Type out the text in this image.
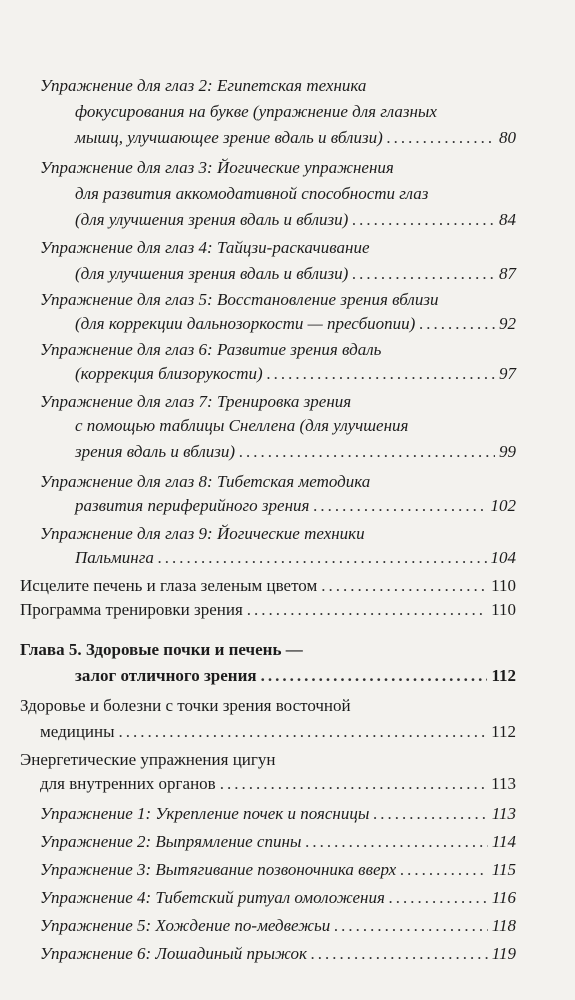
Упражнение для глаз 2: Египетская техника
фокусирования на букве (упражнение для глазных
мышц, улучшающее зрение вдаль и вблизи) .....	80
Упражнение для глаз 3: Йогические упражнения
для развития аккомодативной способности глаз
(для улучшения зрения вдаль и вблизи) .....	84
Упражнение для глаз 4: Тайцзи-раскачивание
(для улучшения зрения вдаль и вблизи) .....	87
Упражнение для глаз 5: Восстановление зрения вблизи
(для коррекции дальнозоркости — пресбиопии) .....	92
Упражнение для глаз 6: Развитие зрения вдаль
(коррекция близорукости) .....	97
Упражнение для глаз 7: Тренировка зрения
с помощью таблицы Снеллена (для улучшения
зрения вдаль и вблизи) .....	99
Упражнение для глаз 8: Тибетская методика
развития периферийного зрения .....	102
Упражнение для глаз 9: Йогические техники
Пальминга .....	104
Исцелите печень и глаза зеленым цветом .....	110
Программа тренировки зрения .....	110
Глава 5. Здоровые почки и печень —
залог отличного зрения .....	112
Здоровье и болезни с точки зрения восточной
медицины .....	112
Энергетические упражнения цигун
для внутренних органов .....	113
Упражнение 1: Укрепление почек и поясницы .....	113
Упражнение 2: Выпрямление спины .....	114
Упражнение 3: Вытягивание позвоночника вверх .....	115
Упражнение 4: Тибетский ритуал омоложения .....	116
Упражнение 5: Хождение по-медвежьи .....	118
Упражнение 6: Лошадиный прыжок .....	119
